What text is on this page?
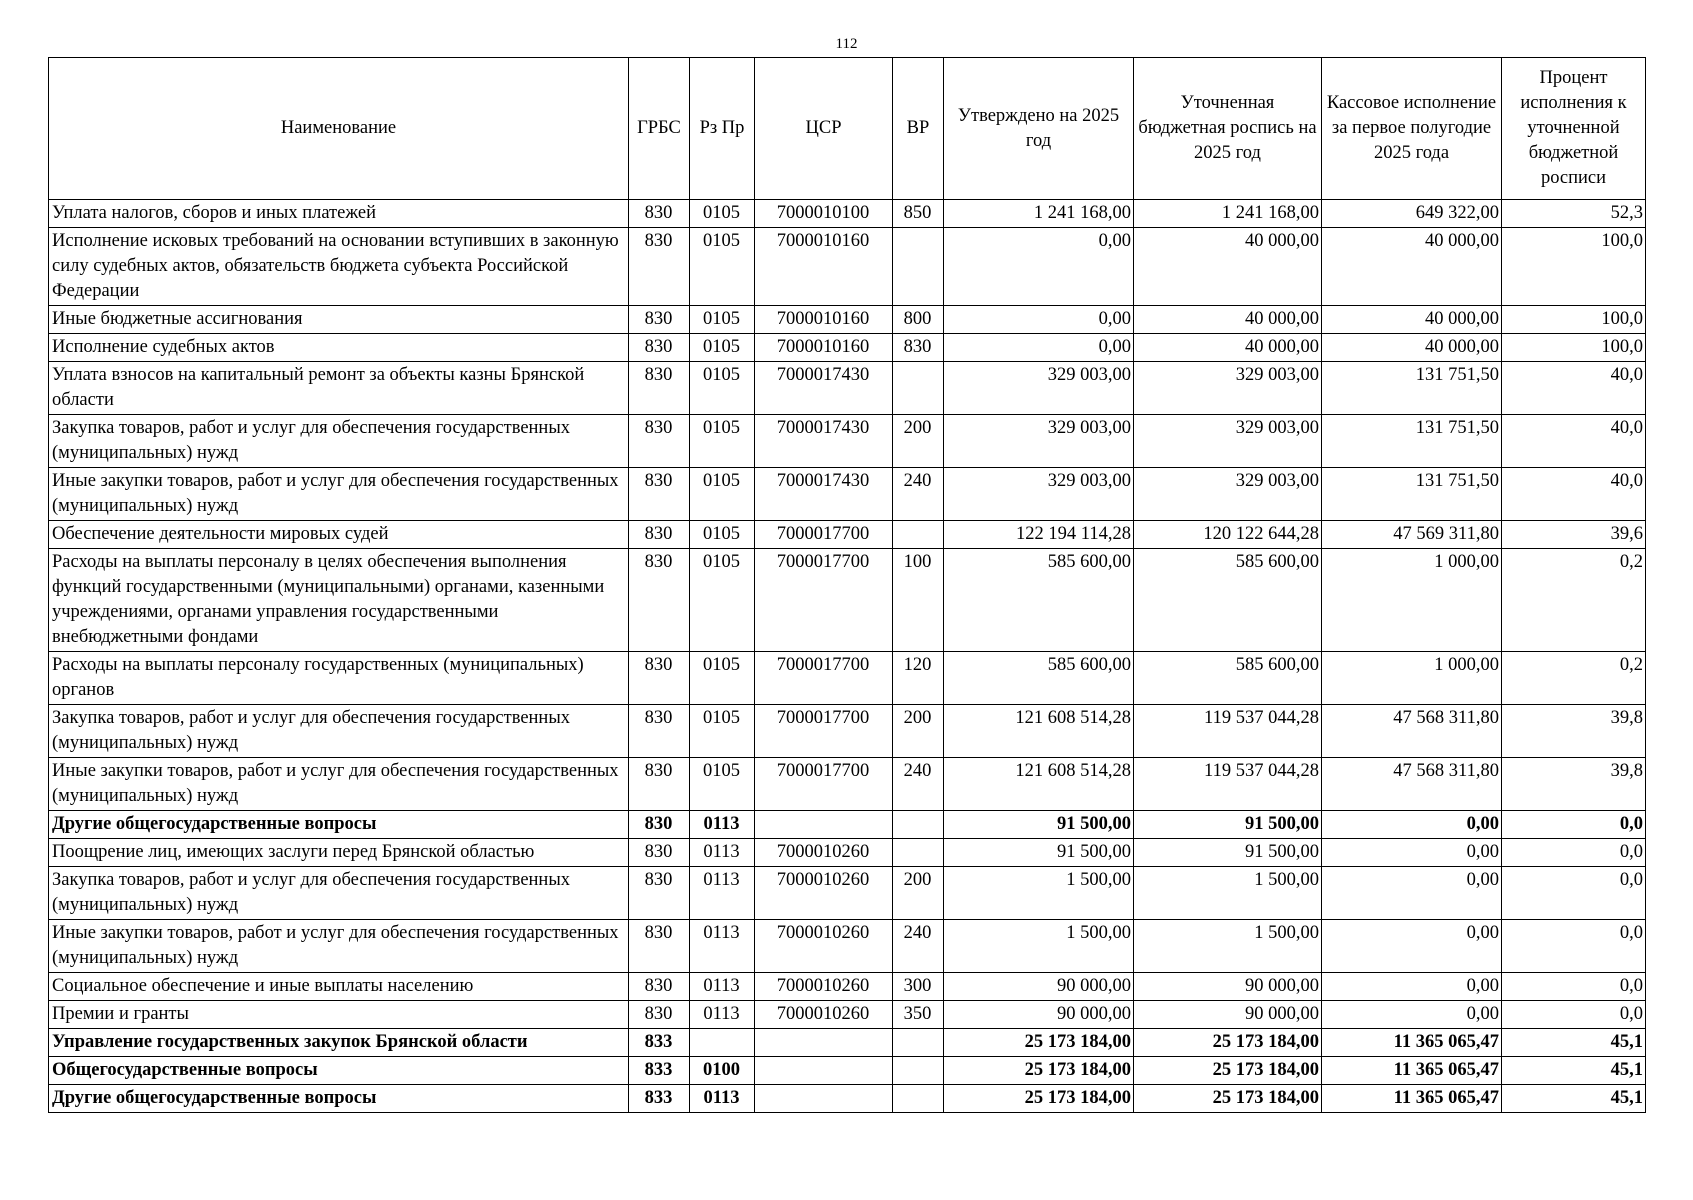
112
Наименование	ГРБС	Рз Пр	ЦСР	ВР	Утверждено на 2025 год	Уточненная бюджетная роспись на 2025 год	Кассовое исполнение за первое полугодие 2025 года	Процент исполнения к уточненной бюджетной росписи
Уплата налогов, сборов и иных платежей	830	0105	7000010100	850	1 241 168,00	1 241 168,00	649 322,00	52,3
Исполнение исковых требований на основании вступивших в законную силу судебных актов, обязательств бюджета субъекта Российской Федерации	830	0105	7000010160		0,00	40 000,00	40 000,00	100,0
Иные бюджетные ассигнования	830	0105	7000010160	800	0,00	40 000,00	40 000,00	100,0
Исполнение судебных актов	830	0105	7000010160	830	0,00	40 000,00	40 000,00	100,0
Уплата взносов на капитальный ремонт за объекты казны Брянской области	830	0105	7000017430		329 003,00	329 003,00	131 751,50	40,0
Закупка товаров, работ и услуг для обеспечения государственных (муниципальных) нужд	830	0105	7000017430	200	329 003,00	329 003,00	131 751,50	40,0
Иные закупки товаров, работ и услуг для обеспечения государственных (муниципальных) нужд	830	0105	7000017430	240	329 003,00	329 003,00	131 751,50	40,0
Обеспечение деятельности мировых судей	830	0105	7000017700		122 194 114,28	120 122 644,28	47 569 311,80	39,6
Расходы на выплаты персоналу в целях обеспечения выполнения функций государственными (муниципальными) органами, казенными учреждениями, органами управления государственными внебюджетными фондами	830	0105	7000017700	100	585 600,00	585 600,00	1 000,00	0,2
Расходы на выплаты персоналу государственных (муниципальных) органов	830	0105	7000017700	120	585 600,00	585 600,00	1 000,00	0,2
Закупка товаров, работ и услуг для обеспечения государственных (муниципальных) нужд	830	0105	7000017700	200	121 608 514,28	119 537 044,28	47 568 311,80	39,8
Иные закупки товаров, работ и услуг для обеспечения государственных (муниципальных) нужд	830	0105	7000017700	240	121 608 514,28	119 537 044,28	47 568 311,80	39,8
Другие общегосударственные вопросы	830	0113			91 500,00	91 500,00	0,00	0,0
Поощрение лиц, имеющих заслуги перед Брянской областью	830	0113	7000010260		91 500,00	91 500,00	0,00	0,0
Закупка товаров, работ и услуг для обеспечения государственных (муниципальных) нужд	830	0113	7000010260	200	1 500,00	1 500,00	0,00	0,0
Иные закупки товаров, работ и услуг для обеспечения государственных (муниципальных) нужд	830	0113	7000010260	240	1 500,00	1 500,00	0,00	0,0
Социальное обеспечение и иные выплаты населению	830	0113	7000010260	300	90 000,00	90 000,00	0,00	0,0
Премии и гранты	830	0113	7000010260	350	90 000,00	90 000,00	0,00	0,0
Управление государственных закупок Брянской области	833				25 173 184,00	25 173 184,00	11 365 065,47	45,1
Общегосударственные вопросы	833	0100			25 173 184,00	25 173 184,00	11 365 065,47	45,1
Другие общегосударственные вопросы	833	0113			25 173 184,00	25 173 184,00	11 365 065,47	45,1
